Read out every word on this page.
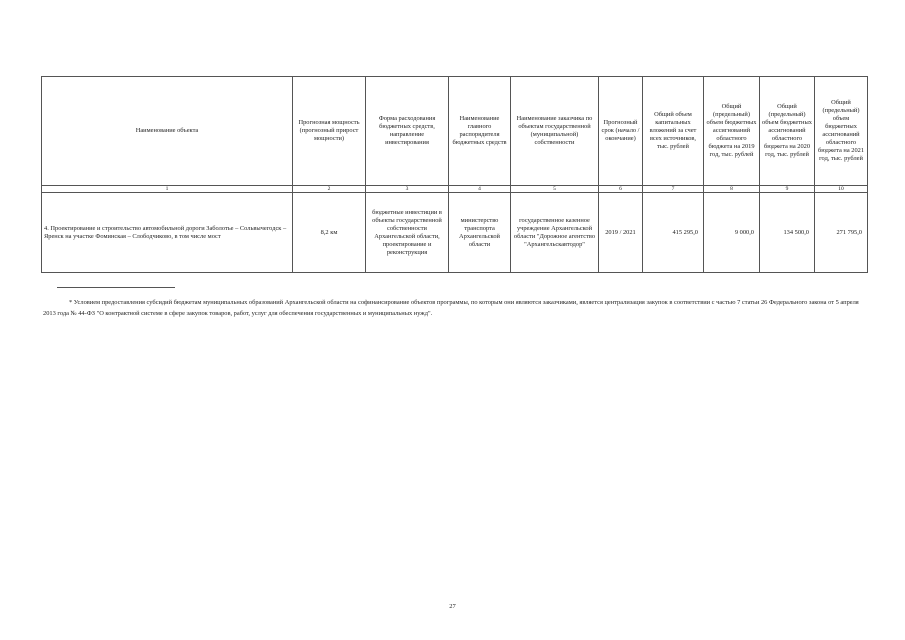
Наименование объекта	Прогнозная мощность (прогнозный прирост мощности)	Форма расходования бюджетных средств, направление инвестирования	Наименование главного распорядителя бюджетных средств	Наименование заказчика по объектам государственной (муниципальной) собственности	Прогнозный срок (начало / окончание)	Общий объем капитальных вложений за счет всех источников, тыс. рублей	Общий (предельный) объем бюджетных ассигнований областного бюджета на 2019 год, тыс. рублей	Общий (предельный) объем бюджетных ассигнований областного бюджета на 2020 год, тыс. рублей	Общий (предельный) объем бюджетных ассигнований областного бюджета на 2021 год, тыс. рублей
1	2	3	4	5	6	7	8	9	10
4. Проектирование и строительство автомобильной дороги Заболотье – Сольвычегодск – Яренск на участке Фоминская – Слободчиково, в том числе мост	8,2 км	бюджетные инвестиции в объекты государственной собственности Архангельской области, проектирование и реконструкция	министерство транспорта Архангельской области	государственное казенное учреждение Архангельской области "Дорожное агентство "Архангельскавтодор"	2019 / 2021	415 295,0	9 000,0	134 500,0	271 795,0

* Условием предоставления субсидий бюджетам муниципальных образований Архангельской области на софинансирование объектов программы, по которым они являются заказчиками, является централизация закупок в соответствии с частью 7 статьи 26 Федерального закона от 5 апреля 2013 года № 44-ФЗ "О контрактной системе в сфере закупок товаров, работ, услуг для обеспечения государственных и муниципальных нужд".

27
